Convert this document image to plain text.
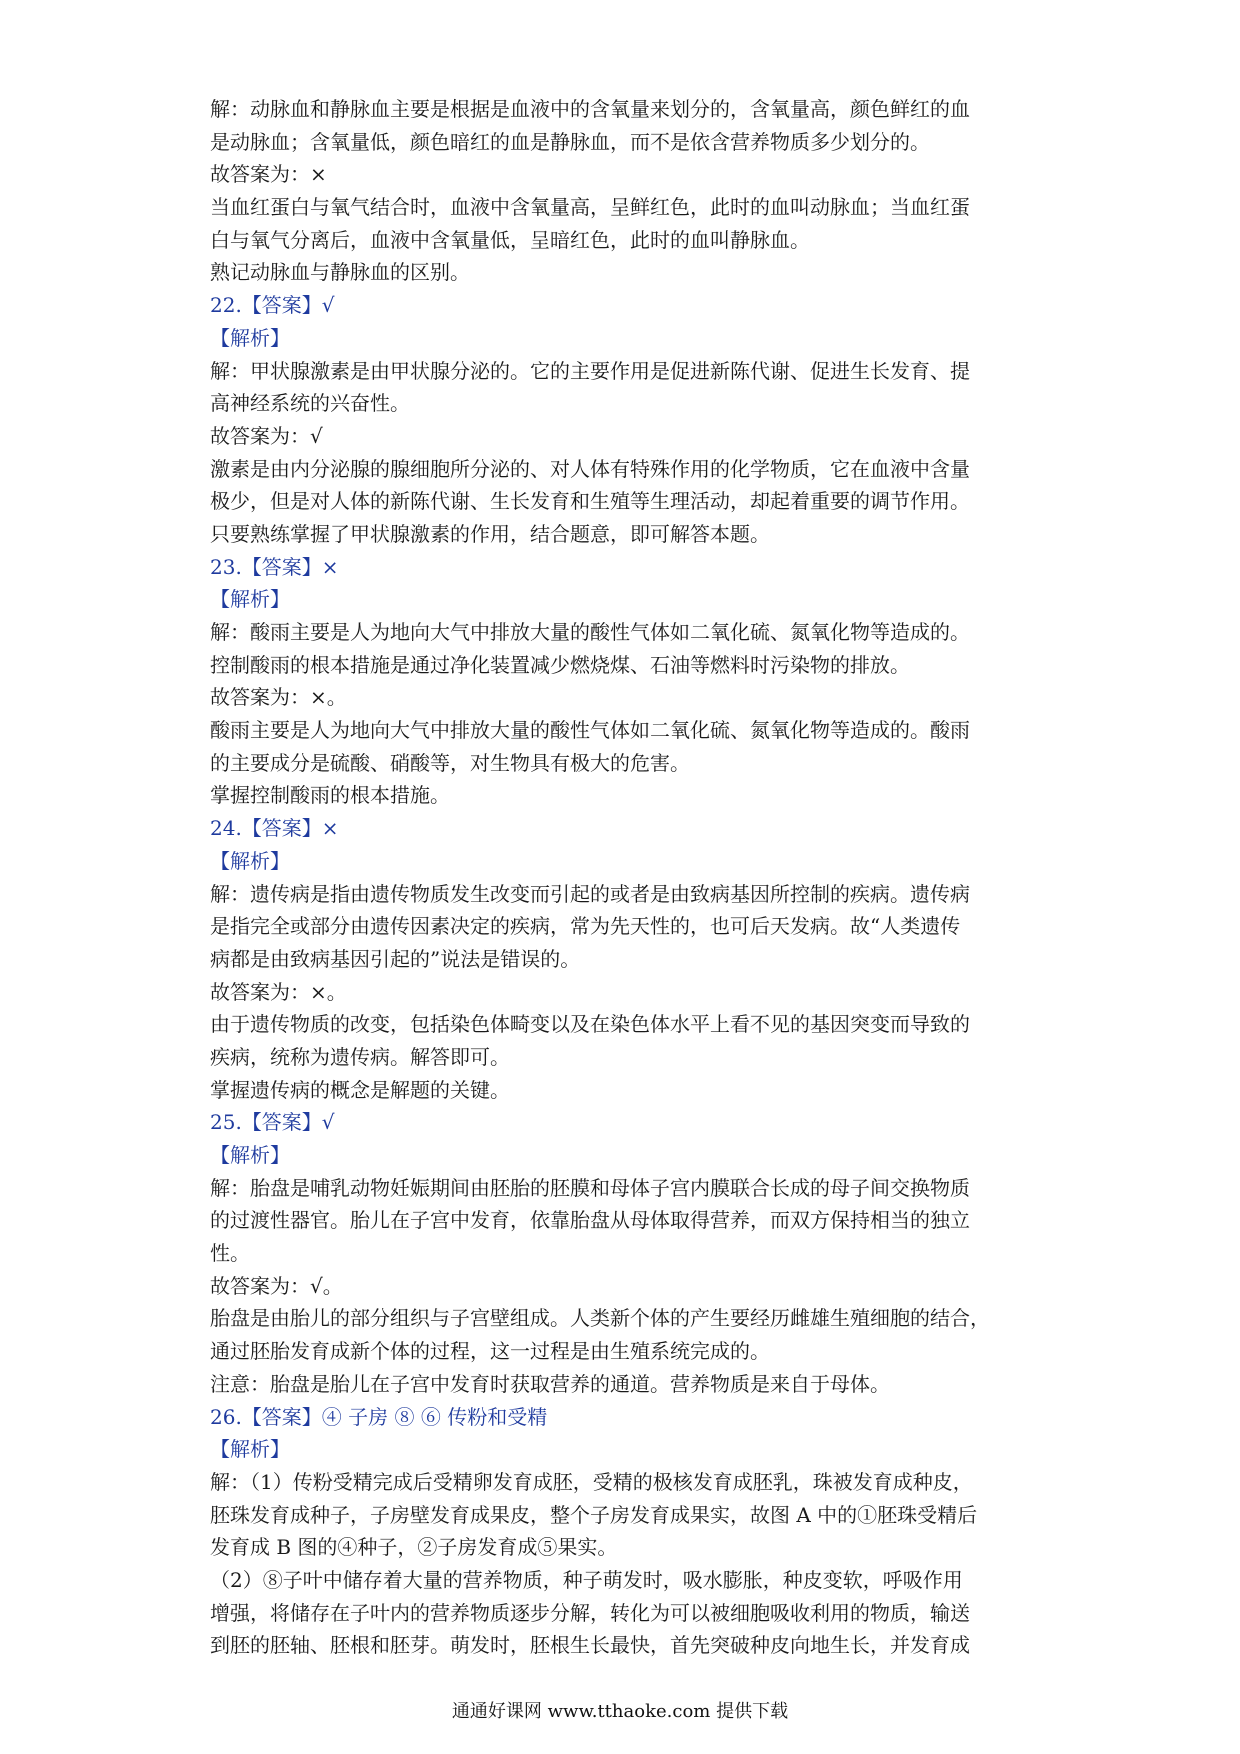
解：动脉血和静脉血主要是根据是血液中的含氧量来划分的，含氧量高，颜色鲜红的血
是动脉血；含氧量低，颜色暗红的血是静脉血，而不是依含营养物质多少划分的。
故答案为：×
当血红蛋白与氧气结合时，血液中含氧量高，呈鲜红色，此时的血叫动脉血；当血红蛋
白与氧气分离后，血液中含氧量低，呈暗红色，此时的血叫静脉血。
熟记动脉血与静脉血的区别。
22.【答案】√
【解析】
解：甲状腺激素是由甲状腺分泌的。它的主要作用是促进新陈代谢、促进生长发育、提
高神经系统的兴奋性。
故答案为：√
激素是由内分泌腺的腺细胞所分泌的、对人体有特殊作用的化学物质，它在血液中含量
极少，但是对人体的新陈代谢、生长发育和生殖等生理活动，却起着重要的调节作用。
只要熟练掌握了甲状腺激素的作用，结合题意，即可解答本题。
23.【答案】×
【解析】
解：酸雨主要是人为地向大气中排放大量的酸性气体如二氧化硫、氮氧化物等造成的。
控制酸雨的根本措施是通过净化装置减少燃烧煤、石油等燃料时污染物的排放。
故答案为：×。
酸雨主要是人为地向大气中排放大量的酸性气体如二氧化硫、氮氧化物等造成的。酸雨
的主要成分是硫酸、硝酸等，对生物具有极大的危害。
掌握控制酸雨的根本措施。
24.【答案】×
【解析】
解：遗传病是指由遗传物质发生改变而引起的或者是由致病基因所控制的疾病。遗传病
是指完全或部分由遗传因素决定的疾病，常为先天性的，也可后天发病。故“人类遗传
病都是由致病基因引起的”说法是错误的。
故答案为：×。
由于遗传物质的改变，包括染色体畸变以及在染色体水平上看不见的基因突变而导致的
疾病，统称为遗传病。解答即可。
掌握遗传病的概念是解题的关键。
25.【答案】√
【解析】
解：胎盘是哺乳动物妊娠期间由胚胎的胚膜和母体子宫内膜联合长成的母子间交换物质
的过渡性器官。胎儿在子宫中发育，依靠胎盘从母体取得营养，而双方保持相当的独立
性。
故答案为：√。
胎盘是由胎儿的部分组织与子宫壁组成。人类新个体的产生要经历雌雄生殖细胞的结合，
通过胚胎发育成新个体的过程，这一过程是由生殖系统完成的。
注意：胎盘是胎儿在子宫中发育时获取营养的通道。营养物质是来自于母体。
26.【答案】④ 子房 ⑧ ⑥ 传粉和受精
【解析】
解：（1）传粉受精完成后受精卵发育成胚，受精的极核发育成胚乳，珠被发育成种皮，
胚珠发育成种子，子房壁发育成果皮，整个子房发育成果实，故图 A 中的①胚珠受精后
发育成 B 图的④种子，②子房发育成⑤果实。
（2）⑧子叶中储存着大量的营养物质，种子萌发时，吸水膨胀，种皮变软，呼吸作用
增强，将储存在子叶内的营养物质逐步分解，转化为可以被细胞吸收利用的物质，输送
到胚的胚轴、胚根和胚芽。萌发时，胚根生长最快，首先突破种皮向地生长，并发育成
通通好课网 www.tthaoke.com 提供下载
